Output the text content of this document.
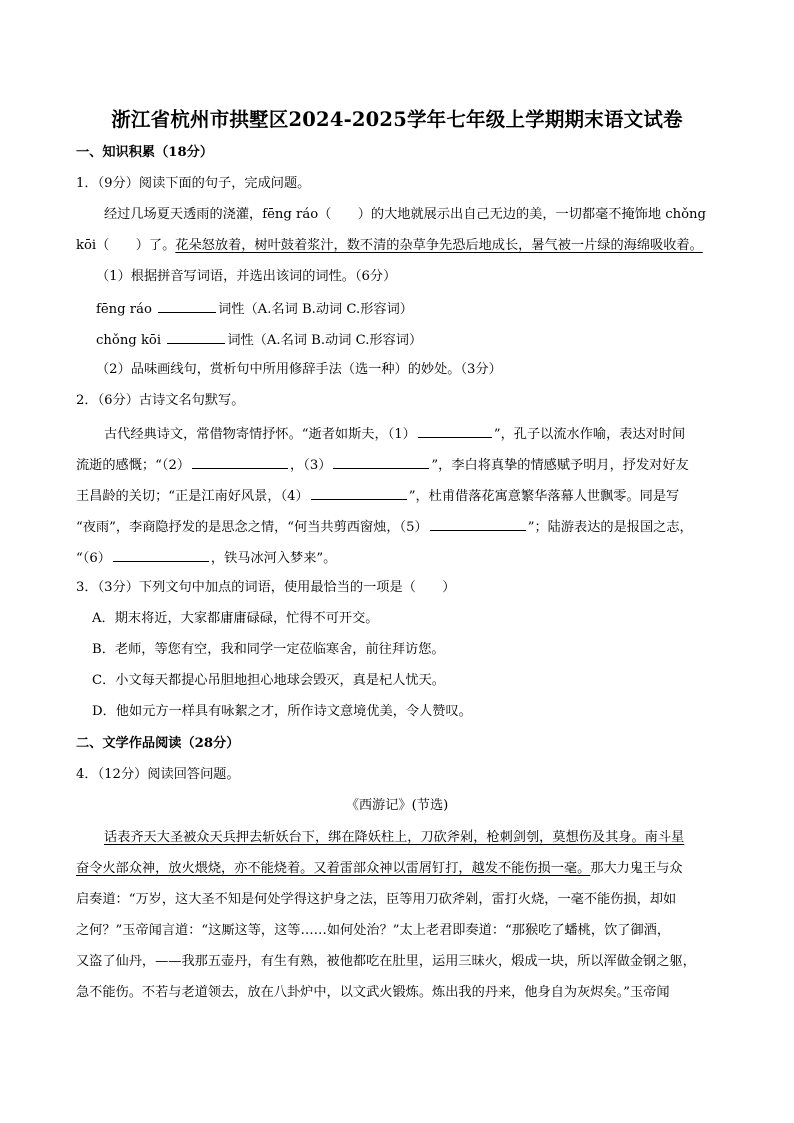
浙江省杭州市拱墅区2024-2025学年七年级上学期期末语文试卷
一、知识积累（18分）
1．（9分）阅读下面的句子，完成问题。
经过几场夏天透雨的浇灌，fēng ráo（　　）的大地就展示出自己无边的美，一切都毫不掩饰地 chǒng
kōi（　　）了。花朵怒放着，树叶鼓着浆汁，数不清的杂草争先恐后地成长，暑气被一片绿的海绵吸收着。
（1）根据拼音写词语，并选出该词的词性。（6分）
fēng ráo	词性（A.名词 B.动词 C.形容词）
chǒng kōi	词性（A.名词 B.动词 C.形容词）
（2）品味画线句，赏析句中所用修辞手法（选一种）的妙处。（3分）
2．（6分）古诗文名句默写。
古代经典诗文，常借物寄情抒怀。“逝者如斯夫，（1）	”，孔子以流水作喻，表达对时间
流逝的感慨；“（2）	，（3）	”，李白将真挚的情感赋予明月，抒发对好友
王昌龄的关切；“正是江南好风景，（4）	”，杜甫借落花寓意繁华落幕人世飘零。同是写
“夜雨”，李商隐抒发的是思念之情，“何当共剪西窗烛，（5）	”；陆游表达的是报国之志，
“（6）	，铁马冰河入梦来”。
3．（3分）下列文句中加点的词语，使用最恰当的一项是（　　）
A．期末将近，大家都庸庸碌碌，忙得不可开交。
B．老师，等您有空，我和同学一定莅临寒舍，前往拜访您。
C．小文每天都提心吊胆地担心地球会毁灭，真是杞人忧天。
D．他如元方一样具有咏絮之才，所作诗文意境优美，令人赞叹。
二、文学作品阅读（28分）
4．（12分）阅读回答问题。
《西游记》(节选)
话表齐天大圣被众天兵押去斩妖台下，绑在降妖柱上，刀砍斧剁，枪刺剑刳，莫想伤及其身。南斗星
奋令火部众神，放火煨烧，亦不能烧着。又着雷部众神以雷屑钉打，越发不能伤损一毫。那大力鬼王与众
启奏道：“万岁，这大圣不知是何处学得这护身之法，臣等用刀砍斧剁，雷打火烧，一毫不能伤损，却如
之何？”玉帝闻言道：“这厮这等，这等……如何处治？”太上老君即奏道：“那猴吃了蟠桃，饮了御酒，
又盗了仙丹，——我那五壶丹，有生有熟，被他都吃在肚里，运用三昧火，煅成一块，所以浑做金钢之躯，
急不能伤。不若与老道领去，放在八卦炉中，以文武火锻炼。炼出我的丹来，他身自为灰烬矣。”玉帝闻
